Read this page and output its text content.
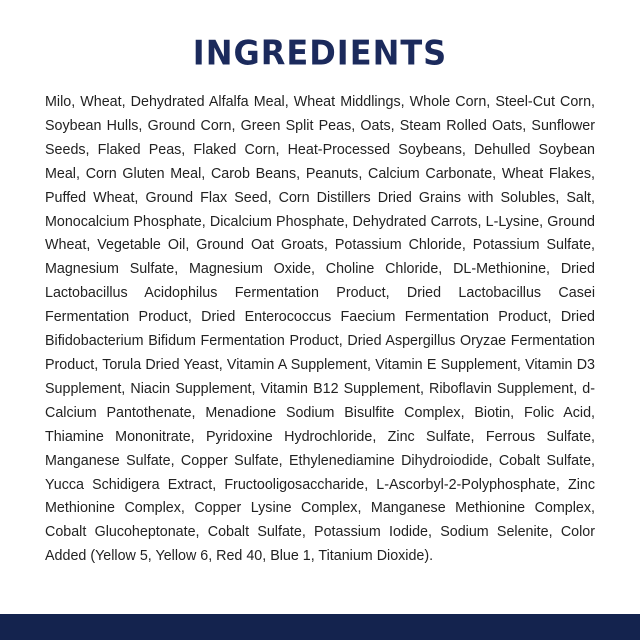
INGREDIENTS

Milo, Wheat, Dehydrated Alfalfa Meal, Wheat Middlings, Whole Corn, Steel-Cut Corn, Soybean Hulls, Ground Corn, Green Split Peas, Oats, Steam Rolled Oats, Sunflower Seeds, Flaked Peas, Flaked Corn, Heat-Processed Soybeans, Dehulled Soybean Meal, Corn Gluten Meal, Carob Beans, Peanuts, Calcium Carbonate, Wheat Flakes, Puffed Wheat, Ground Flax Seed, Corn Distillers Dried Grains with Solubles, Salt, Monocalcium Phosphate, Dicalcium Phosphate, Dehydrated Carrots, L-Lysine, Ground Wheat, Vegetable Oil, Ground Oat Groats, Potassium Chloride, Potassium Sulfate, Magnesium Sulfate, Magnesium Oxide, Choline Chloride, DL-Methionine, Dried Lactobacillus Acidophilus Fermentation Product, Dried Lactobacillus Casei Fermentation Product, Dried Enterococcus Faecium Fermentation Product, Dried Bifidobacterium Bifidum Fermentation Product, Dried Aspergillus Oryzae Fermentation Product, Torula Dried Yeast, Vitamin A Supplement, Vitamin E Supplement, Vitamin D3 Supplement, Niacin Supplement, Vitamin B12 Supplement, Riboflavin Supplement, d-Calcium Pantothenate, Menadione Sodium Bisulfite Complex, Biotin, Folic Acid, Thiamine Mononitrate, Pyridoxine Hydrochloride, Zinc Sulfate, Ferrous Sulfate, Manganese Sulfate, Copper Sulfate, Ethylenediamine Dihydroiodide, Cobalt Sulfate, Yucca Schidigera Extract, Fructooligosaccharide, L-Ascorbyl-2-Polyphosphate, Zinc Methionine Complex, Copper Lysine Complex, Manganese Methionine Complex, Cobalt Glucoheptonate, Cobalt Sulfate, Potassium Iodide, Sodium Selenite, Color Added (Yellow 5, Yellow 6, Red 40, Blue 1, Titanium Dioxide).
